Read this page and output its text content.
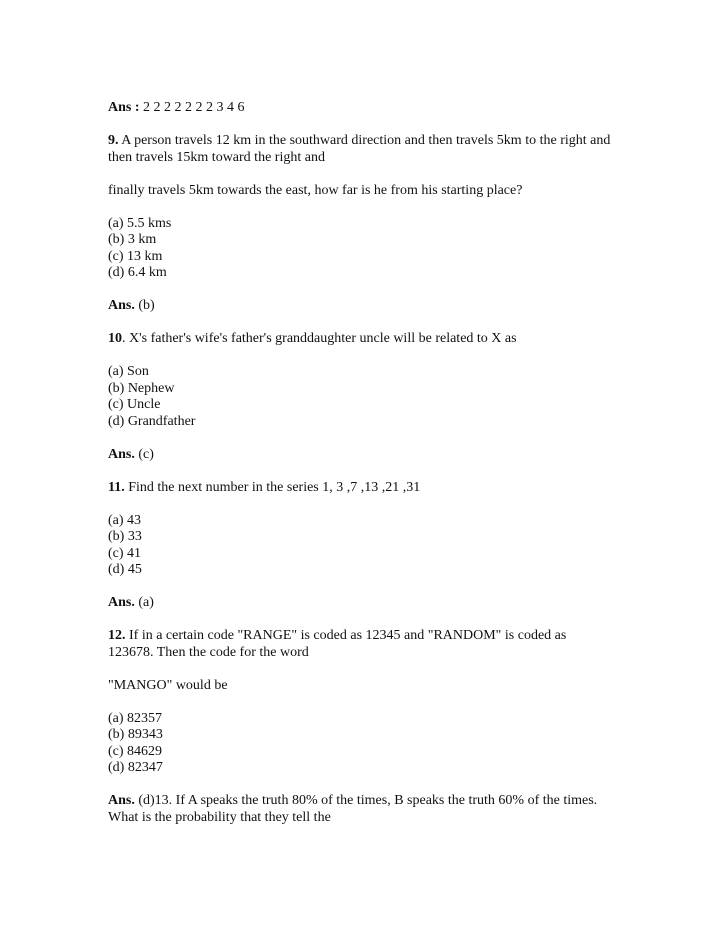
Ans : 2 2 2 2 2 2 2 3 4 6
9. A person travels 12 km in the southward direction and then travels 5km to the right and
then travels 15km toward the right and
finally travels 5km towards the east, how far is he from his starting place?
(a) 5.5 kms
(b) 3 km
(c) 13 km
(d) 6.4 km
Ans. (b)
10. X's father's wife's father's granddaughter uncle will be related to X as
(a) Son
(b) Nephew
(c) Uncle
(d) Grandfather
Ans. (c)
11. Find the next number in the series 1, 3 ,7 ,13 ,21 ,31
(a) 43
(b) 33
(c) 41
(d) 45
Ans. (a)
12. If in a certain code "RANGE" is coded as 12345 and "RANDOM" is coded as
123678. Then the code for the word
"MANGO" would be
(a) 82357
(b) 89343
(c) 84629
(d) 82347
Ans. (d)13. If A speaks the truth 80% of the times, B speaks the truth 60% of the times.
What is the probability that they tell the
